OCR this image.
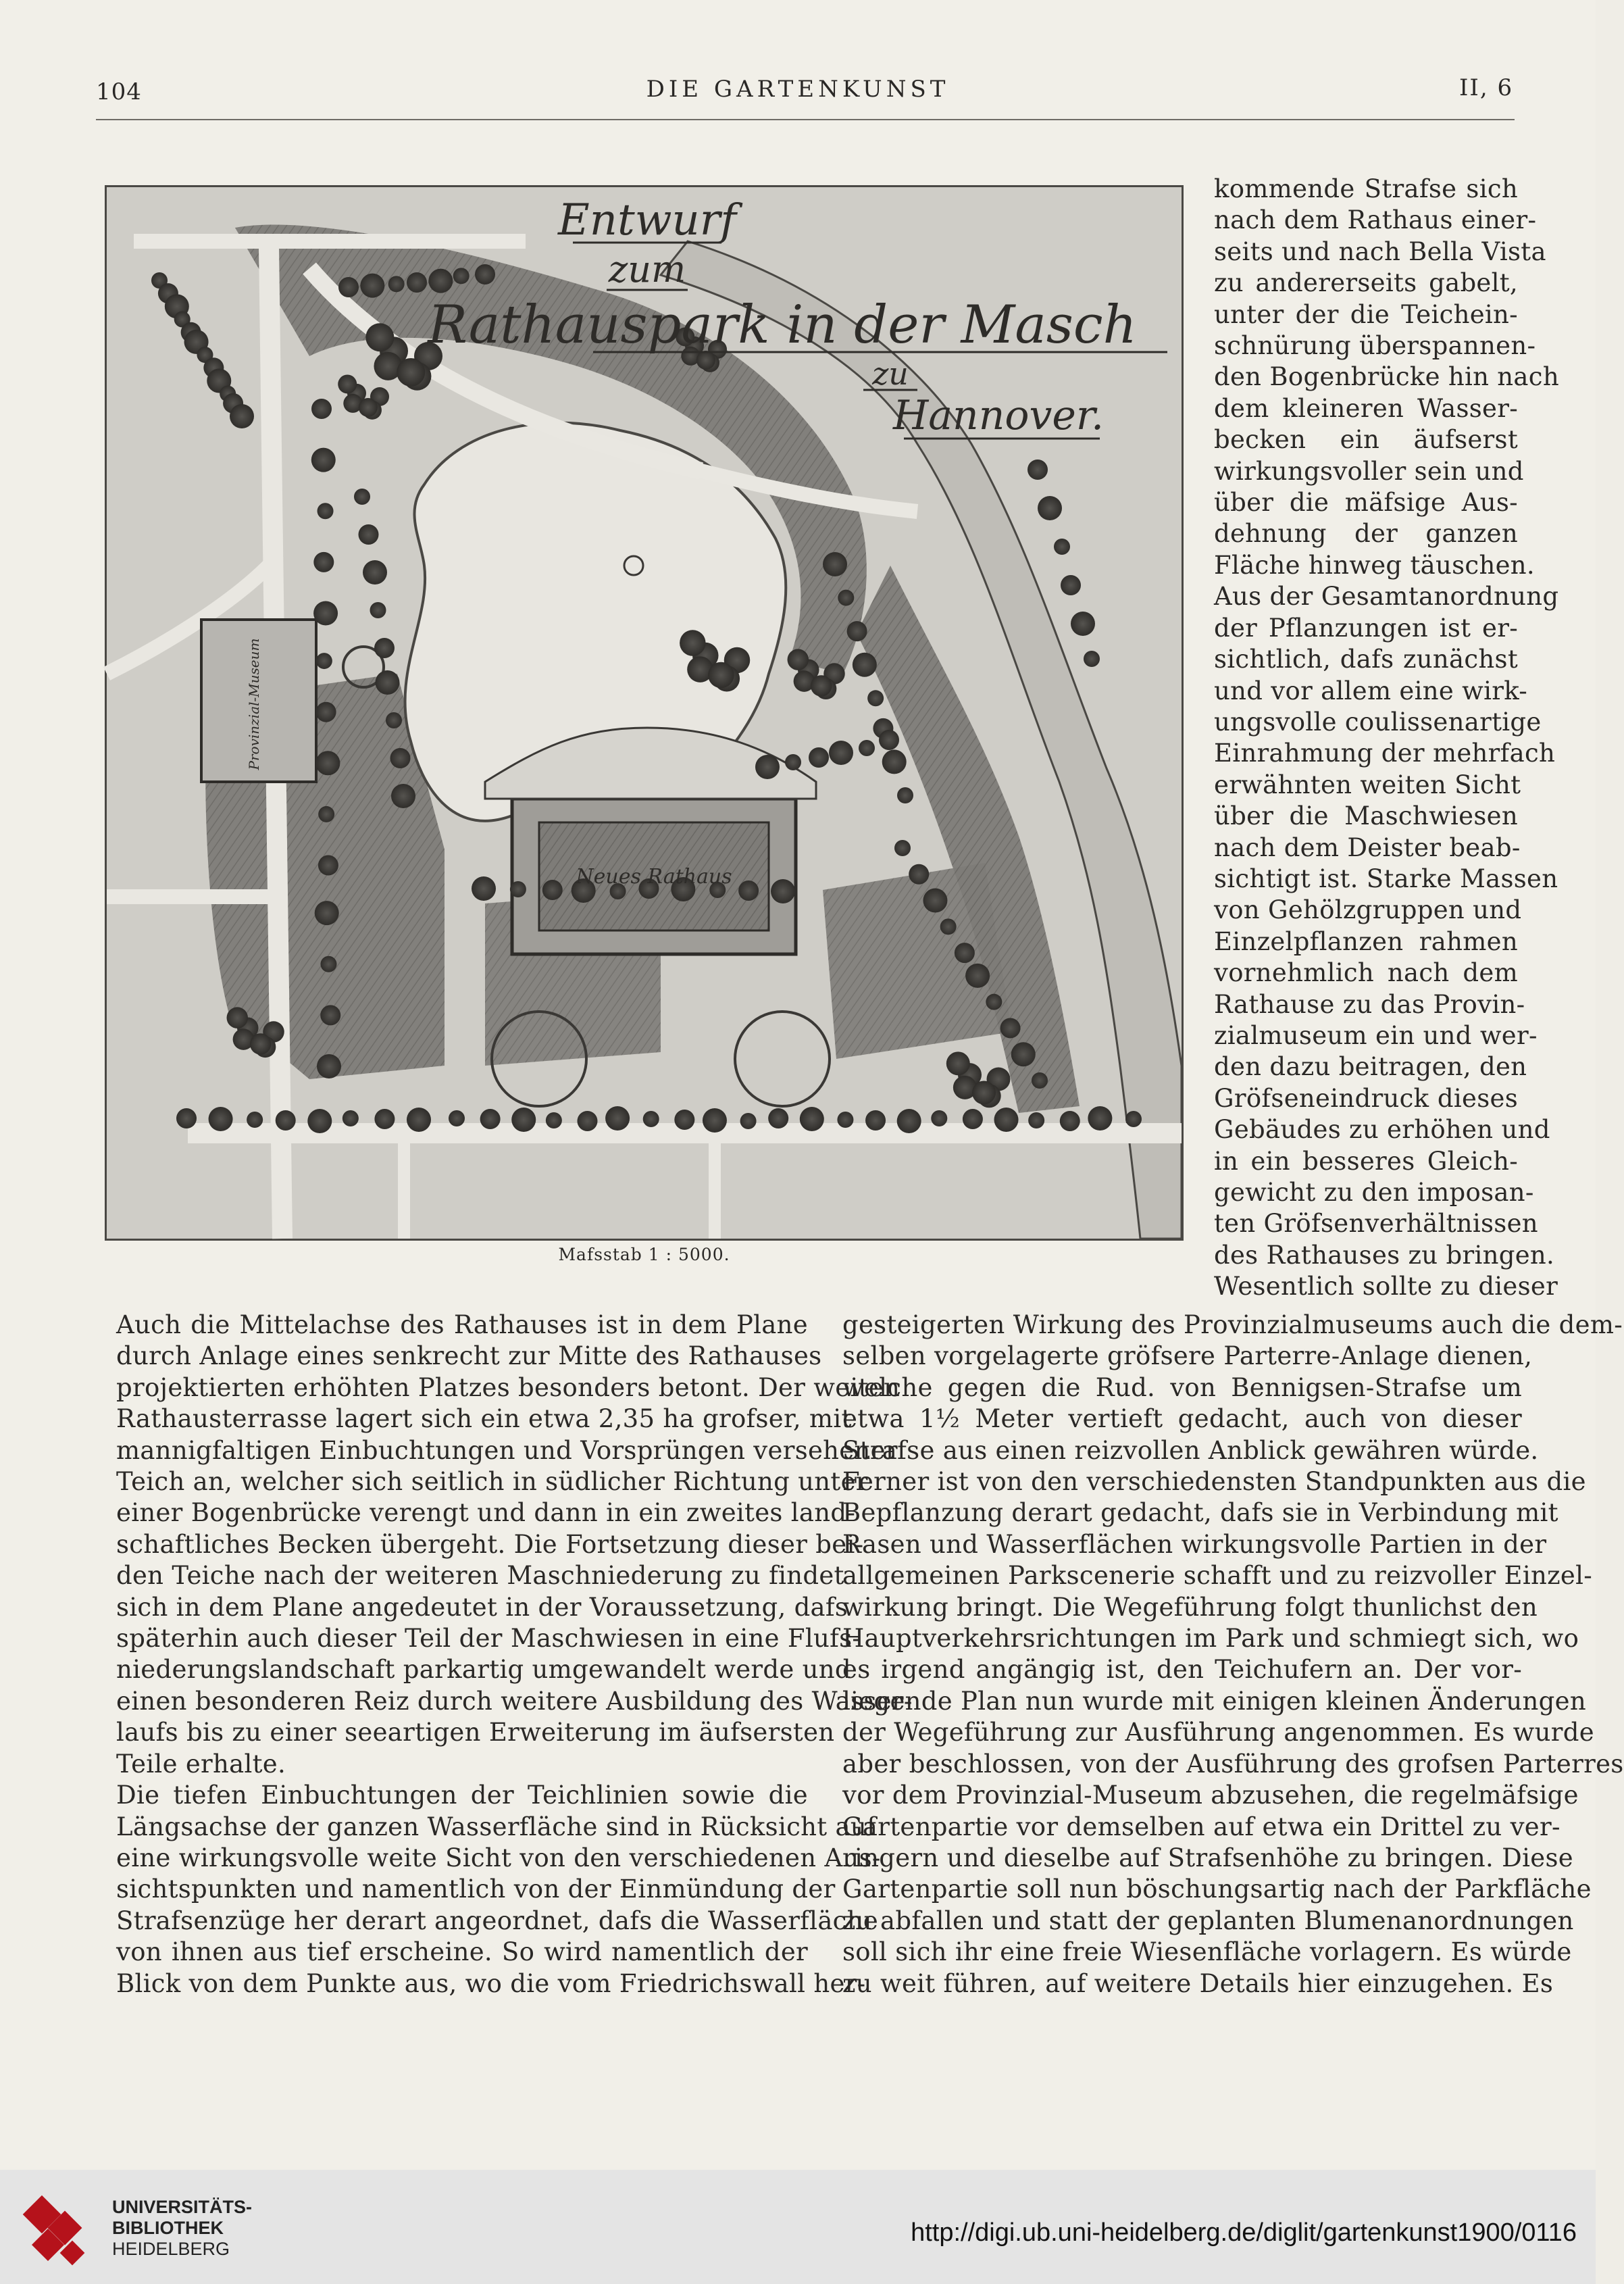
104	DIE GARTENKUNST	II, 6
Entwurf
zum
Rathauspark in der Masch
zu
Hannover.
Neues Rathaus
Provinzial-Museum
Mafsstab 1 : 5000.
kommende Strafse sich
nach dem Rathaus einer-
seits und nach Bella Vista
zu andererseits gabelt,
unter der die Teichein-
schnürung überspannen-
den Bogenbrücke hin nach
dem kleineren Wasser-
becken ein äufserst
wirkungsvoller sein und
über die mäfsige Aus-
dehnung der ganzen
Fläche hinweg täuschen.
Aus der Gesamtanordnung
der Pflanzungen ist er-
sichtlich, dafs zunächst
und vor allem eine wirk-
ungsvolle coulissenartige
Einrahmung der mehrfach
erwähnten weiten Sicht
über die Maschwiesen
nach dem Deister beab-
sichtigt ist. Starke Massen
von Gehölzgruppen und
Einzelpflanzen rahmen
vornehmlich nach dem
Rathause zu das Provin-
zialmuseum ein und wer-
den dazu beitragen, den
Gröfseneindruck dieses
Gebäudes zu erhöhen und
in ein besseres Gleich-
gewicht zu den imposan-
ten Gröfsenverhältnissen
des Rathauses zu bringen.
Wesentlich sollte zu dieser
Auch die Mittelachse des Rathauses ist in dem Plane
durch Anlage eines senkrecht zur Mitte des Rathauses
projektierten erhöhten Platzes besonders betont. Der weiten
Rathausterrasse lagert sich ein etwa 2,35 ha grofser, mit
mannigfaltigen Einbuchtungen und Vorsprüngen versehener
Teich an, welcher sich seitlich in südlicher Richtung unter
einer Bogenbrücke verengt und dann in ein zweites land-
schaftliches Becken übergeht. Die Fortsetzung dieser bei-
den Teiche nach der weiteren Maschniederung zu findet
sich in dem Plane angedeutet in der Voraussetzung, dafs
späterhin auch dieser Teil der Maschwiesen in eine Flufs-
niederungslandschaft parkartig umgewandelt werde und
einen besonderen Reiz durch weitere Ausbildung des Wasser-
laufs bis zu einer seeartigen Erweiterung im äufsersten
Teile erhalte.
Die tiefen Einbuchtungen der Teichlinien sowie die
Längsachse der ganzen Wasserfläche sind in Rücksicht auf
eine wirkungsvolle weite Sicht von den verschiedenen Aus-
sichtspunkten und namentlich von der Einmündung der
Strafsenzüge her derart angeordnet, dafs die Wasserfläche
von ihnen aus tief erscheine. So wird namentlich der
Blick von dem Punkte aus, wo die vom Friedrichswall her-
gesteigerten Wirkung des Provinzialmuseums auch die dem-
selben vorgelagerte gröfsere Parterre-Anlage dienen,
welche gegen die Rud. von Bennigsen-Strafse um
etwa 1½ Meter vertieft gedacht, auch von dieser
Strafse aus einen reizvollen Anblick gewähren würde.
Ferner ist von den verschiedensten Standpunkten aus die
Bepflanzung derart gedacht, dafs sie in Verbindung mit
Rasen und Wasserflächen wirkungsvolle Partien in der
allgemeinen Parkscenerie schafft und zu reizvoller Einzel-
wirkung bringt. Die Wegeführung folgt thunlichst den
Hauptverkehrsrichtungen im Park und schmiegt sich, wo
es irgend angängig ist, den Teichufern an. Der vor-
liegende Plan nun wurde mit einigen kleinen Änderungen
der Wegeführung zur Ausführung angenommen. Es wurde
aber beschlossen, von der Ausführung des grofsen Parterres
vor dem Provinzial-Museum abzusehen, die regelmäfsige
Gartenpartie vor demselben auf etwa ein Drittel zu ver-
ringern und dieselbe auf Strafsenhöhe zu bringen. Diese
Gartenpartie soll nun böschungsartig nach der Parkfläche
zu abfallen und statt der geplanten Blumenanordnungen
soll sich ihr eine freie Wiesenfläche vorlagern. Es würde
zu weit führen, auf weitere Details hier einzugehen. Es
UNIVERSITÄTS-
BIBLIOTHEK
HEIDELBERG
http://digi.ub.uni-heidelberg.de/diglit/gartenkunst1900/0116
